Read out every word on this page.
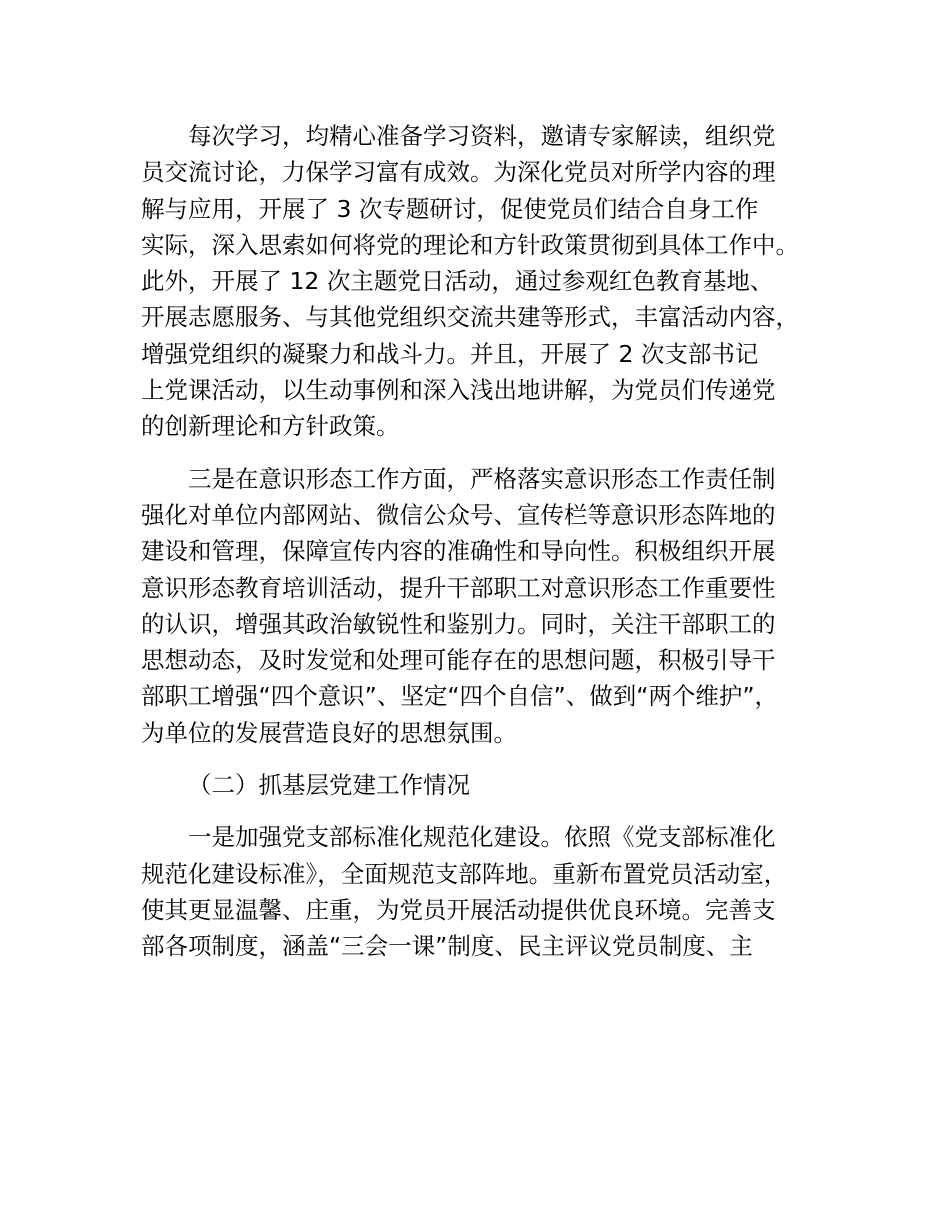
每次学习，均精心准备学习资料，邀请专家解读，组织党
员交流讨论，力保学习富有成效。为深化党员对所学内容的理
解与应用，开展了 3 次专题研讨，促使党员们结合自身工作
实际，深入思索如何将党的理论和方针政策贯彻到具体工作中。
此外，开展了 12 次主题党日活动，通过参观红色教育基地、
开展志愿服务、与其他党组织交流共建等形式，丰富活动内容，
增强党组织的凝聚力和战斗力。并且，开展了 2 次支部书记
上党课活动，以生动事例和深入浅出地讲解，为党员们传递党
的创新理论和方针政策。
三是在意识形态工作方面，严格落实意识形态工作责任制
强化对单位内部网站、微信公众号、宣传栏等意识形态阵地的
建设和管理，保障宣传内容的准确性和导向性。积极组织开展
意识形态教育培训活动，提升干部职工对意识形态工作重要性
的认识，增强其政治敏锐性和鉴别力。同时，关注干部职工的
思想动态，及时发觉和处理可能存在的思想问题，积极引导干
部职工增强“四个意识”、坚定“四个自信”、做到“两个维护”，
为单位的发展营造良好的思想氛围。
（二）抓基层党建工作情况
一是加强党支部标准化规范化建设。依照《党支部标准化
规范化建设标准》，全面规范支部阵地。重新布置党员活动室，
使其更显温馨、庄重，为党员开展活动提供优良环境。完善支
部各项制度，涵盖“三会一课”制度、民主评议党员制度、主
